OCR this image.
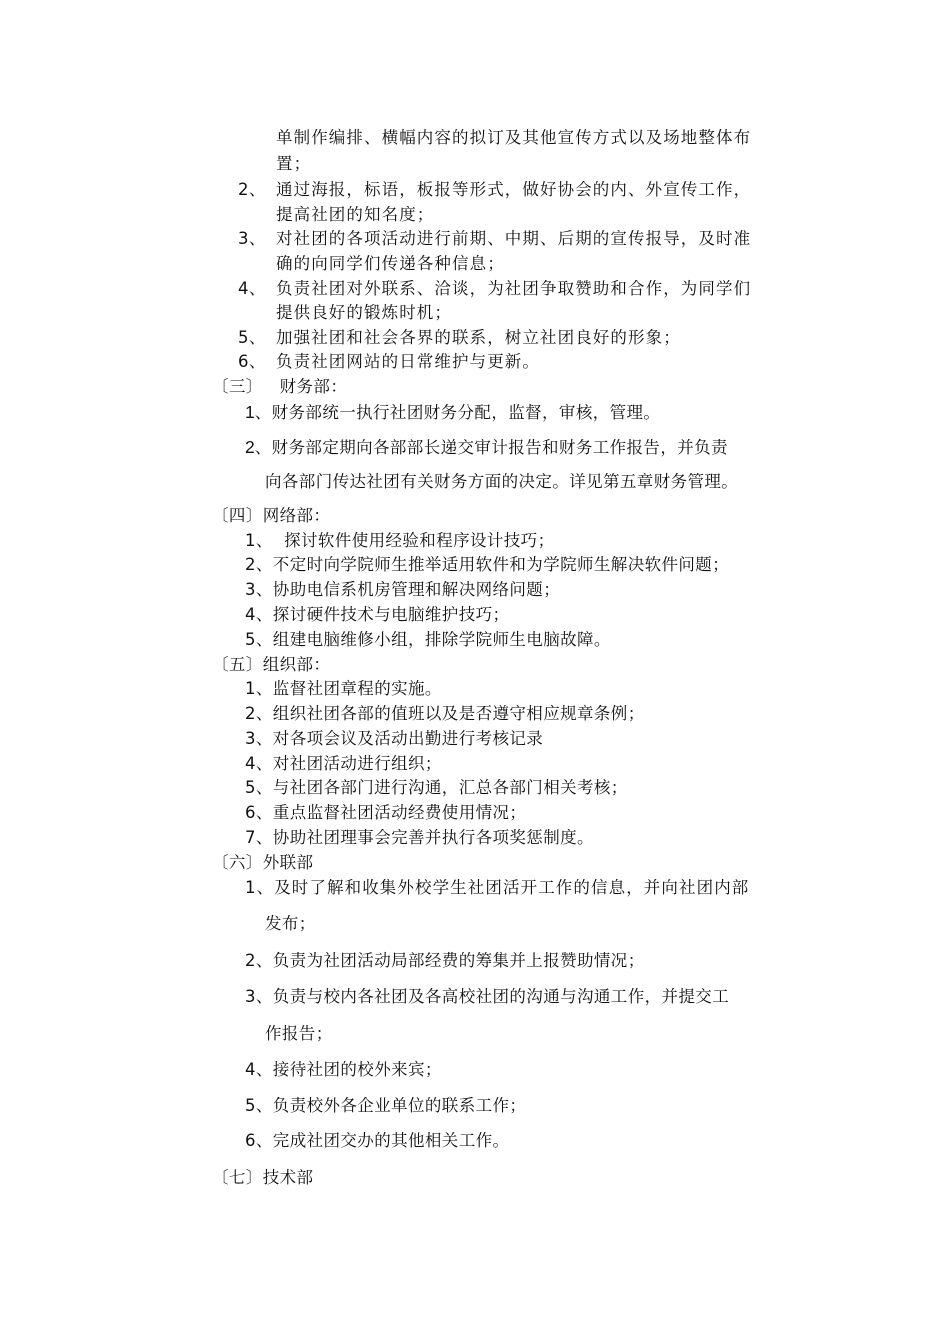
单制作编排、横幅内容的拟订及其他宣传方式以及场地整体布
置；
2、 通过海报，标语，板报等形式，做好协会的内、外宣传工作，
提高社团的知名度；
3、 对社团的各项活动进行前期、中期、后期的宣传报导，及时准
确的向同学们传递各种信息；
4、 负责社团对外联系、洽谈，为社团争取赞助和合作，为同学们
提供良好的锻炼时机；
5、 加强社团和社会各界的联系，树立社团良好的形象；
6、 负责社团网站的日常维护与更新。
〔三〕   财务部：
1、财务部统一执行社团财务分配，监督，审核，管理。
2、财务部定期向各部部长递交审计报告和财务工作报告，并负责
向各部门传达社团有关财务方面的决定。详见第五章财务管理。
〔四〕网络部：
1、  探讨软件使用经验和程序设计技巧；
2、不定时向学院师生推举适用软件和为学院师生解决软件问题；
3、协助电信系机房管理和解决网络问题；
4、探讨硬件技术与电脑维护技巧；
5、组建电脑维修小组，排除学院师生电脑故障。
〔五〕组织部：
1、监督社团章程的实施。
2、组织社团各部的值班以及是否遵守相应规章条例；
3、对各项会议及活动出勤进行考核记录
4、对社团活动进行组织；
5、与社团各部门进行沟通，汇总各部门相关考核；
6、重点监督社团活动经费使用情况；
7、协助社团理事会完善并执行各项奖惩制度。
〔六〕外联部
1、及时了解和收集外校学生社团活开工作的信息，并向社团内部
发布；
2、负责为社团活动局部经费的筹集并上报赞助情况；
3、负责与校内各社团及各高校社团的沟通与沟通工作，并提交工
作报告；
4、接待社团的校外来宾；
5、负责校外各企业单位的联系工作；
6、完成社团交办的其他相关工作。
〔七〕技术部
